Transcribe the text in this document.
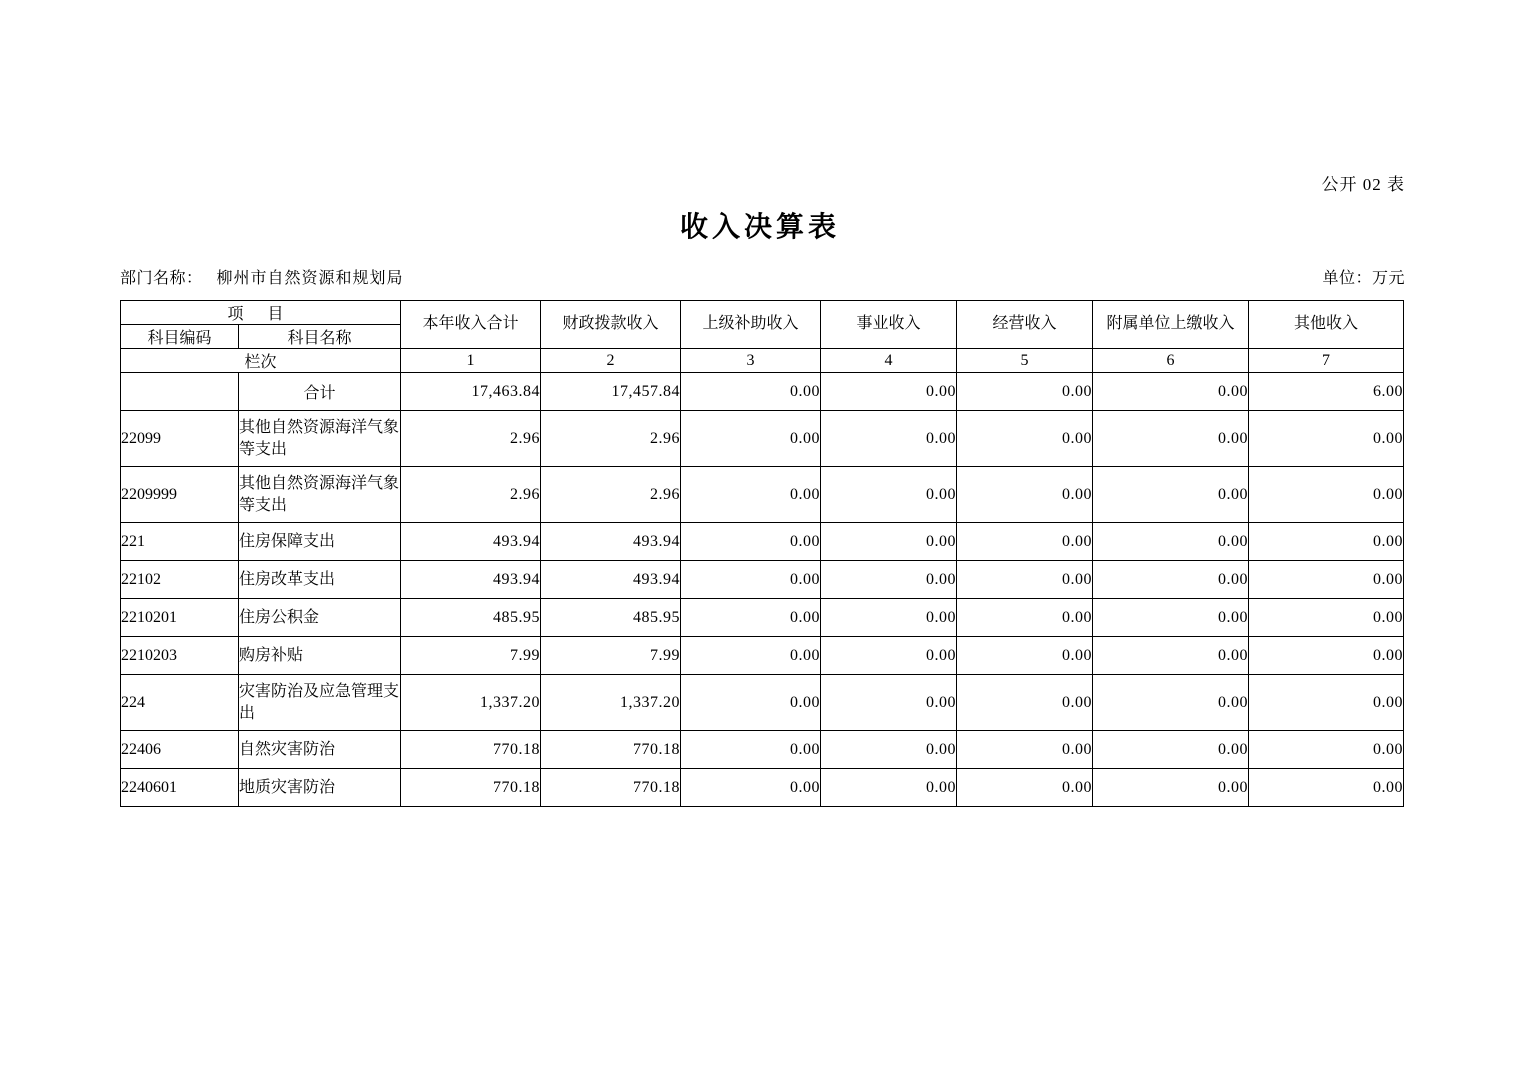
公开 02 表
收入决算表
部门名称： 柳州市自然资源和规划局	单位：万元
项 目		本年收入合计	财政拨款收入	上级补助收入	事业收入	经营收入	附属单位上缴收入	其他收入
科目编码	科目名称							
栏次		1	2	3	4	5	6	7
	合计	17,463.84	17,457.84	0.00	0.00	0.00	0.00	6.00
22099	其他自然资源海洋气象等支出	2.96	2.96	0.00	0.00	0.00	0.00	0.00
2209999	其他自然资源海洋气象等支出	2.96	2.96	0.00	0.00	0.00	0.00	0.00
221	住房保障支出	493.94	493.94	0.00	0.00	0.00	0.00	0.00
22102	住房改革支出	493.94	493.94	0.00	0.00	0.00	0.00	0.00
2210201	住房公积金	485.95	485.95	0.00	0.00	0.00	0.00	0.00
2210203	购房补贴	7.99	7.99	0.00	0.00	0.00	0.00	0.00
224	灾害防治及应急管理支出	1,337.20	1,337.20	0.00	0.00	0.00	0.00	0.00
22406	自然灾害防治	770.18	770.18	0.00	0.00	0.00	0.00	0.00
2240601	地质灾害防治	770.18	770.18	0.00	0.00	0.00	0.00	0.00
